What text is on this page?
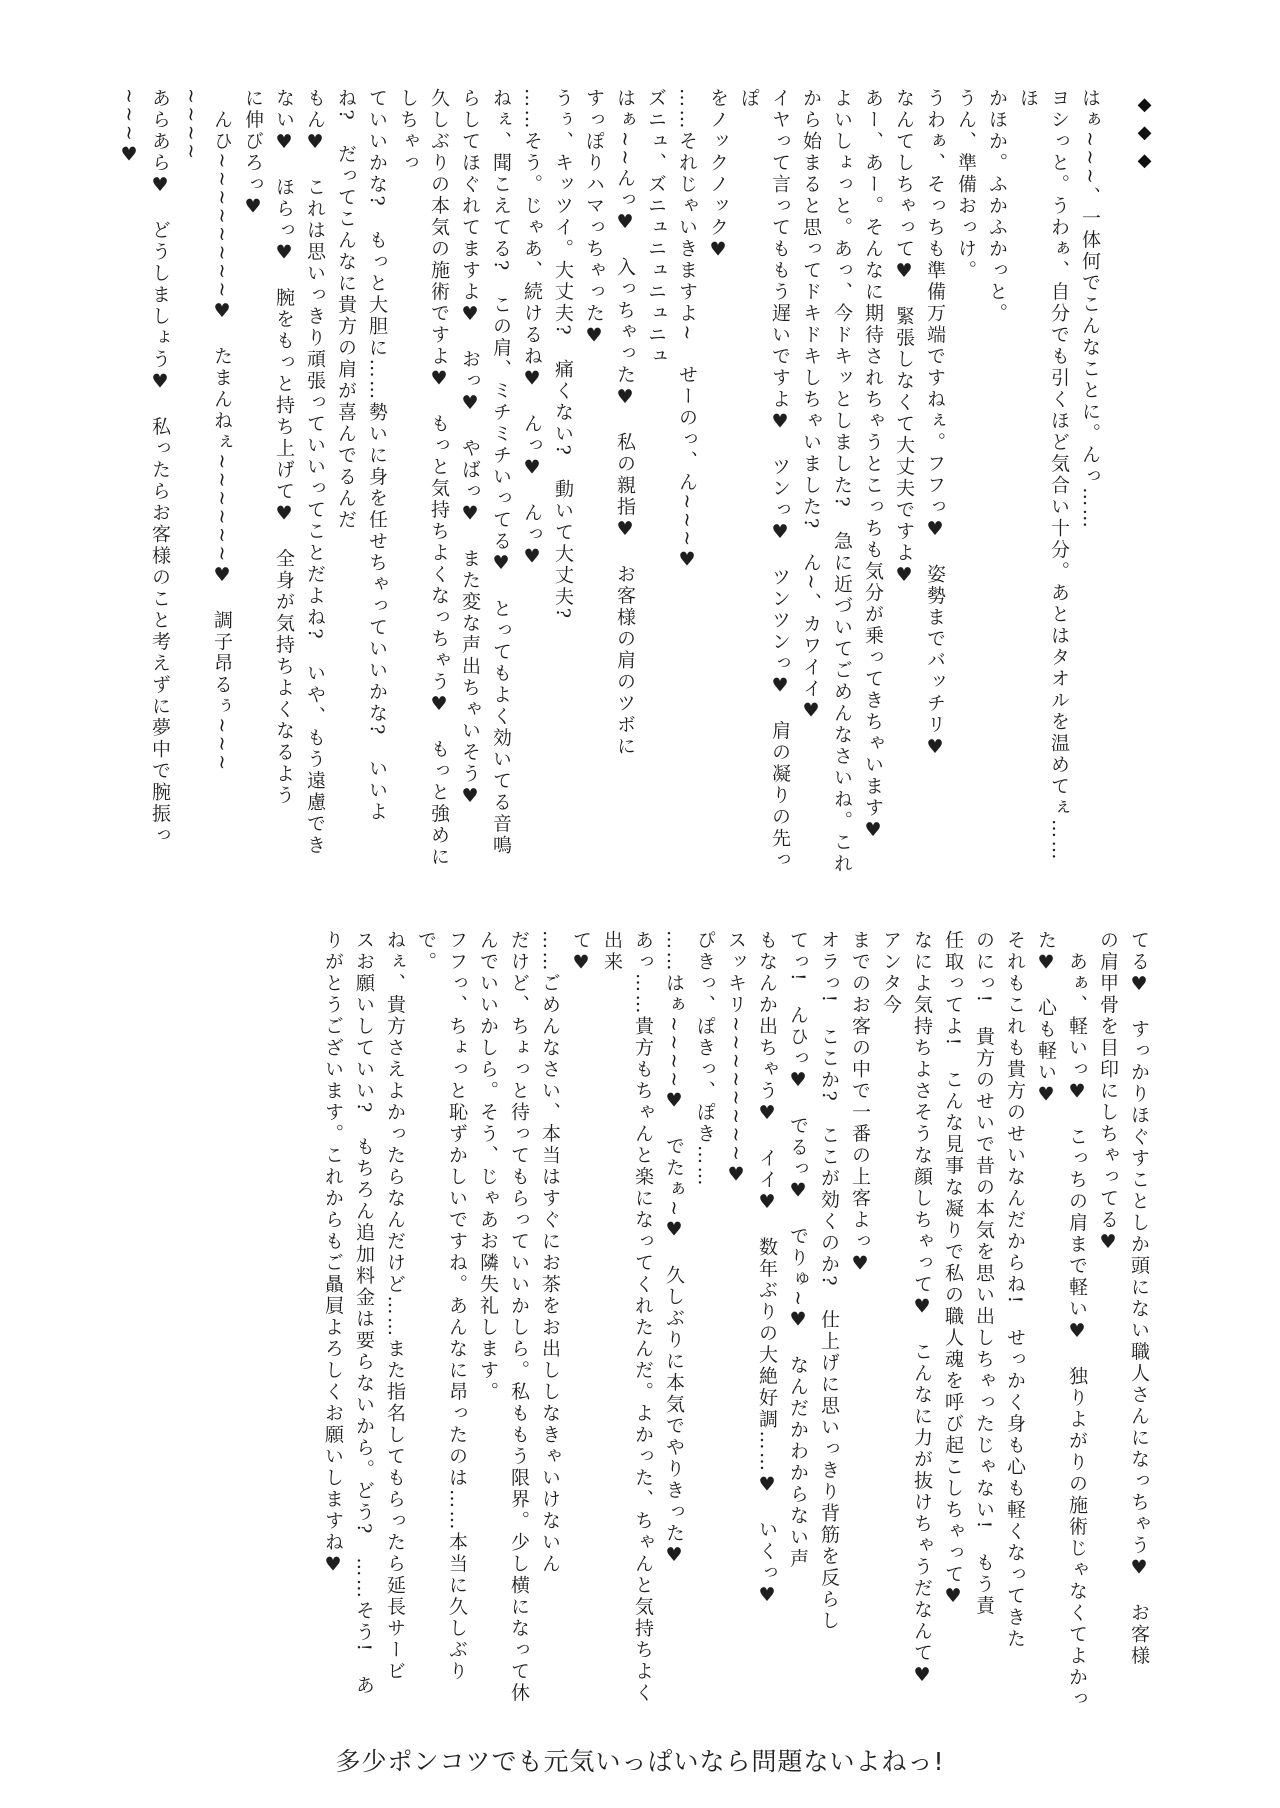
◆◆◆

はぁ~~~、一体何でこんなことに。んっ……

ヨシっと。うわぁ、自分でも引くほど気合い十分。あとはタオルを温めてぇ……ほ

かほか。ふかふかっと。

うん、準備おっけ。

うわぁ、そっちも準備万端ですねぇ。フフっ♥　姿勢までバッチリ♥

なんてしちゃって♥　緊張しなくて大丈夫ですよ♥

あー、あー。そんなに期待されちゃうとこっちも気分が乗ってきちゃいます♥

よいしょっと。あっ、今ドキッとしました?　急に近づいてごめんなさいね。これ

から始まると思ってドキドキしちゃいました?　ん~、カワイイ♥

イヤって言ってももう遅いですよ♥　ツンっ♥　ツンツンっ♥　肩の凝りの先っぽ

をノックノック♥

……それじゃいきますよ~　せーのっ、ん~~~♥

ズニュ、ズニュニュニュニュ

はぁ~~んっ♥　入っちゃった♥　私の親指♥　お客様の肩のツボに

すっぽりハマっちゃった♥

うぅ、キッツイ。大丈夫?　痛くない?　動いて大丈夫?

……そう。じゃあ、続けるね♥　んっ♥　んっ♥

ねぇ、聞こえてる?　この肩、ミチミチいってる♥　とってもよく効いてる音鳴

らしてほぐれてますよ♥　おっ♥　やばっ♥　また変な声出ちゃいそう♥

久しぶりの本気の施術ですよ♥　もっと気持ちよくなっちゃう♥　もっと強めにしちゃっ

ていいかな?　もっと大胆に……勢いに身を任せちゃっていいかな?　いいよ

ね?　だってこんなに貴方の肩が喜んでるんだ

もん♥　これは思いっきり頑張っていいってことだよね?　いや、もう遠慮でき

ない♥　ほらっ♥　腕をもっと持ち上げて♥　全身が気持ちよくなるよう

に伸びろっ♥

　んひ~~~~~~~~♥　たまんねぇ~~~~~~♥　調子昂るぅ~~~

~~~~

あらあら♥　どうしましょう♥　私ったらお客様のこと考えずに夢中で腕振っ

~~~♥

てる♥　すっかりほぐすことしか頭にない職人さんになっちゃう♥　お客様

の肩甲骨を目印にしちゃってる♥

　あぁ、軽いっ♥　こっちの肩まで軽い♥　独りよがりの施術じゃなくてよかっ

た♥　心も軽い♥

それもこれも貴方のせいなんだからね!　せっかく身も心も軽くなってきた

のにっ!　貴方のせいで昔の本気を思い出しちゃったじゃない!　もう責

任取ってよ!　こんな見事な凝りで私の職人魂を呼び起こしちゃって♥

なによ気持ちよさそうな顔しちゃって♥　こんなに力が抜けちゃうだなんて♥　アンタ今

までのお客の中で一番の上客よっ♥

オラっ!　ここか?　ここが効くのか?　仕上げに思いっきり背筋を反らし

てっ!　んひっ♥　でるっ♥　でりゅ~♥　なんだかわからない声

もなんか出ちゃう♥　イイ♥　数年ぶりの大絶好調……♥　いくっ♥

スッキリ~~~~~~~~♥

ぴきっ、ぽきっ、ぽき……

……はぁ~~~~♥　でたぁ~♥　久しぶりに本気でやりきった♥

あっ……貴方もちゃんと楽になってくれたんだ。よかった、ちゃんと気持ちよく出来

て♥

……ごめんなさい、本当はすぐにお茶をお出ししなきゃいけないん

だけど、ちょっと待ってもらっていいかしら。私ももう限界。少し横になって休

んでいいかしら。そう、じゃあお隣失礼します。

フフっ、ちょっと恥ずかしいですね。あんなに昂ったのは……本当に久しぶりで。

ねぇ、貴方さえよかったらなんだけど……また指名してもらったら延長サービ

スお願いしていい?　もちろん追加料金は要らないから。どう?　……そう!　あ

りがとうございます。これからもご贔屓よろしくお願いしますね♥

多少ポンコツでも元気いっぱいなら問題ないよねっ!
